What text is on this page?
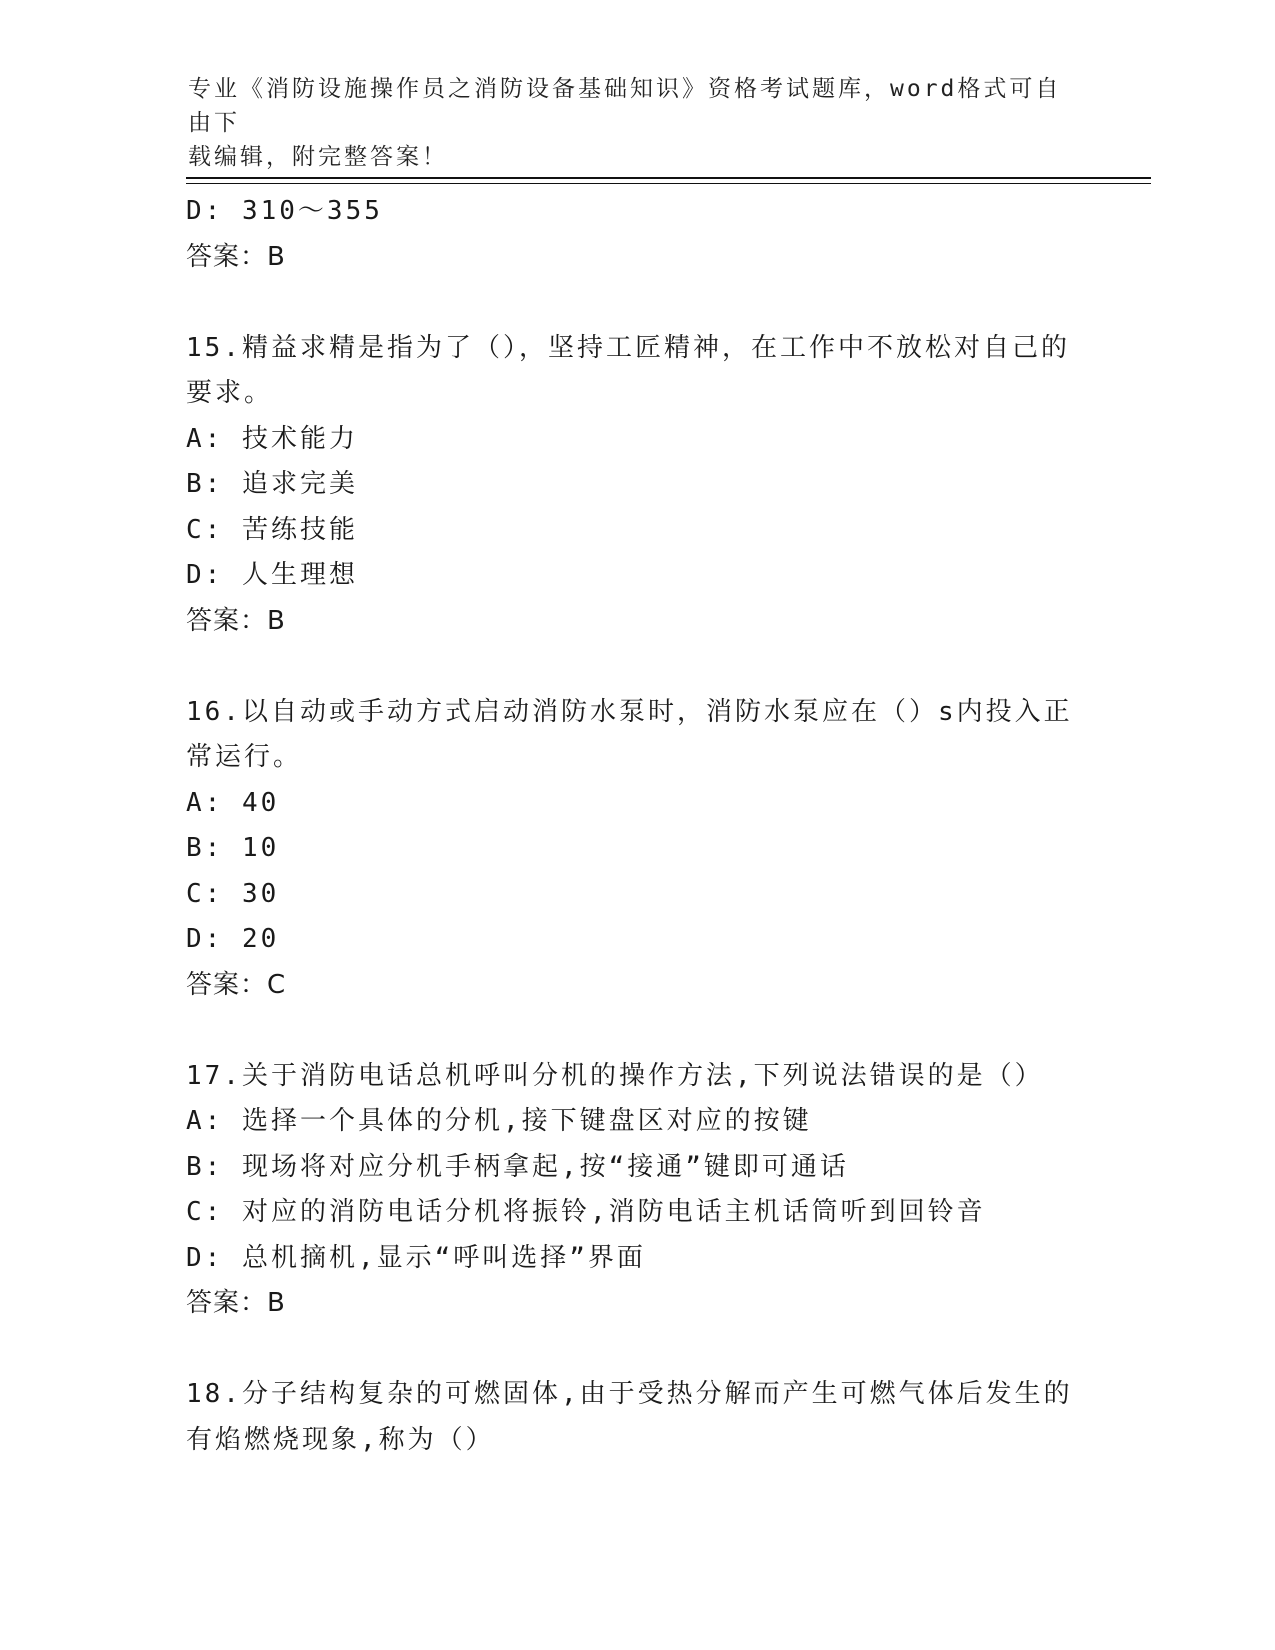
专业《消防设施操作员之消防设备基础知识》资格考试题库，word格式可自由下
载编辑，附完整答案！
D: 310～355
答案：B
15.精益求精是指为了（），坚持工匠精神，在工作中不放松对自己的
要求。
A: 技术能力
B: 追求完美
C: 苦练技能
D: 人生理想
答案：B
16.以自动或手动方式启动消防水泵时，消防水泵应在（）s内投入正
常运行。
A: 40
B: 10
C: 30
D: 20
答案：C
17.关于消防电话总机呼叫分机的操作方法,下列说法错误的是（）
A: 选择一个具体的分机,接下键盘区对应的按键
B: 现场将对应分机手柄拿起,按“接通”键即可通话
C: 对应的消防电话分机将振铃,消防电话主机话筒听到回铃音
D: 总机摘机,显示“呼叫选择”界面
答案：B
18.分子结构复杂的可燃固体,由于受热分解而产生可燃气体后发生的
有焰燃烧现象,称为（）
